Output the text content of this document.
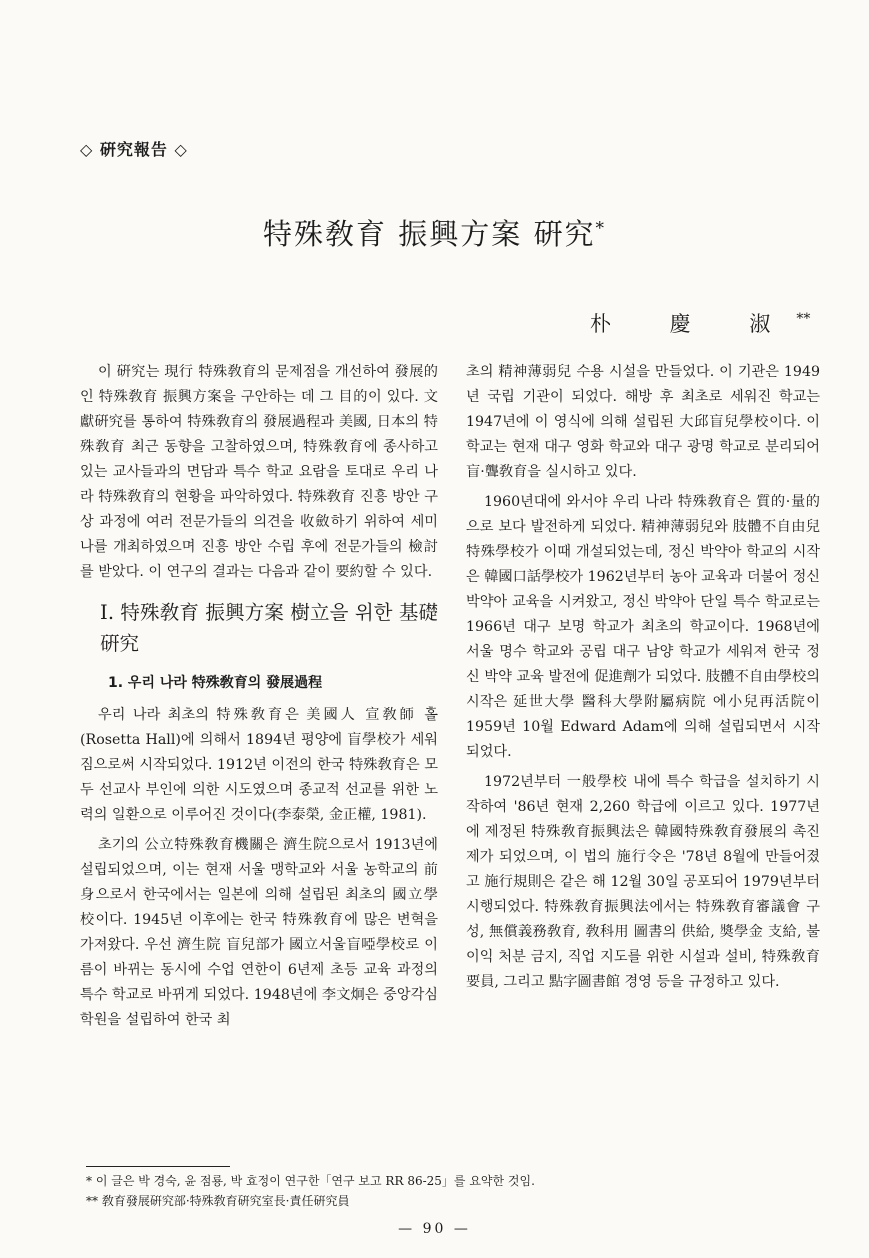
◇ 硏究報告 ◇
特殊敎育 振興方案 硏究*
朴 慶 淑**

이 硏究는 現行 特殊敎育의 문제점을 개선하여 發展的인 特殊敎育 振興方案을 구안하는 데 그 目的이 있다. 文獻硏究를 통하여 特殊敎育의 發展過程과 美國, 日本의 特殊敎育 최근 동향을 고찰하였으며, 特殊敎育에 종사하고 있는 교사들과의 면담과 특수 학교 요람을 토대로 우리 나라 特殊敎育의 현황을 파악하였다. 特殊敎育 진흥 방안 구상 과정에 여러 전문가들의 의견을 收斂하기 위하여 세미나를 개최하였으며 진흥 방안 수립 후에 전문가들의 檢討를 받았다. 이 연구의 결과는 다음과 같이 要約할 수 있다.

Ⅰ. 特殊敎育 振興方案 樹立을 위한 基礎硏究
1. 우리 나라 特殊敎育의 發展過程

우리 나라 최초의 特殊敎育은 美國人 宣敎師 홀(Rosetta Hall)에 의해서 1894년 평양에 盲學校가 세워짐으로써 시작되었다. 1912년 이전의 한국 特殊敎育은 모두 선교사 부인에 의한 시도였으며 종교적 선교를 위한 노력의 일환으로 이루어진 것이다(李泰榮, 金正權, 1981).

초기의 公立特殊敎育機關은 濟生院으로서 1913년에 설립되었으며, 이는 현재 서울 맹학교와 서울 농학교의 前身으로서 한국에서는 일본에 의해 설립된 최초의 國立學校이다. 1945년 이후에는 한국 特殊敎育에 많은 변혁을 가져왔다. 우선 濟生院 盲兒部가 國立서울盲啞學校로 이름이 바뀌는 동시에 수업 연한이 6년제 초등 교육 과정의 특수 학교로 바뀌게 되었다. 1948년에 李文炯은 중앙각심학원을 설립하여 한국 최

초의 精神薄弱兒 수용 시설을 만들었다. 이 기관은 1949년 국립 기관이 되었다. 해방 후 최초로 세워진 학교는 1947년에 이 영식에 의해 설립된 大邱盲兒學校이다. 이 학교는 현재 대구 영화 학교와 대구 광명 학교로 분리되어 盲·聾敎育을 실시하고 있다.

1960년대에 와서야 우리 나라 特殊敎育은 質的·量的으로 보다 발전하게 되었다. 精神薄弱兒와 肢體不自由兒 特殊學校가 이때 개설되었는데, 정신 박약아 학교의 시작은 韓國口話學校가 1962년부터 농아 교육과 더불어 정신 박약아 교육을 시켜왔고, 정신 박약아 단일 특수 학교로는 1966년 대구 보명 학교가 최초의 학교이다. 1968년에 서울 명수 학교와 공립 대구 남양 학교가 세워져 한국 정신 박약 교육 발전에 促進劑가 되었다. 肢體不自由學校의 시작은 延世大學 醫科大學附屬病院 에小兒再活院이 1959년 10월 Edward Adam에 의해 설립되면서 시작되었다.

1972년부터 一般學校 내에 특수 학급을 설치하기 시작하여 '86년 현재 2,260 학급에 이르고 있다. 1977년에 제정된 特殊敎育振興法은 韓國特殊敎育發展의 촉진제가 되었으며, 이 법의 施行令은 '78년 8월에 만들어졌고 施行規則은 같은 해 12월 30일 공포되어 1979년부터 시행되었다. 特殊敎育振興法에서는 特殊敎育審議會 구성, 無償義務敎育, 敎科用 圖書의 供給, 奬學金 支給, 불이익 처분 금지, 직업 지도를 위한 시설과 설비, 特殊敎育要員, 그리고 點字圖書館 경영 등을 규정하고 있다.

* 이 글은 박 경숙, 윤 점룡, 박 효정이 연구한「연구 보고 RR 86-25」를 요약한 것임.
** 敎育發展硏究部·特殊敎育硏究室長·責任硏究員
— 90 —
